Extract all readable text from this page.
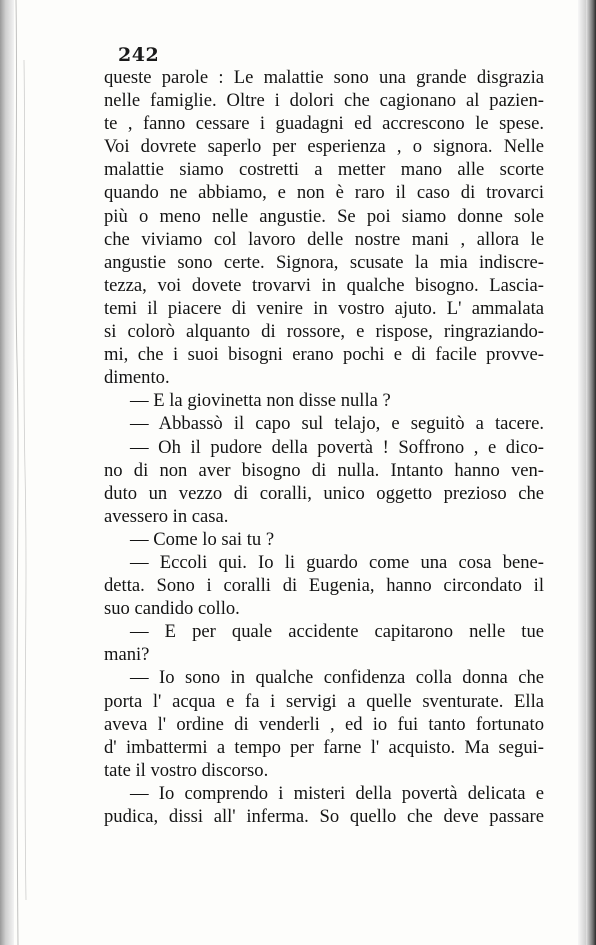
242
queste parole : Le malattie sono una grande disgrazia
nelle famiglie. Oltre i dolori che cagionano al pazien-
te , fanno cessare i guadagni ed accrescono le spese.
Voi dovrete saperlo per esperienza , o signora. Nelle
malattie siamo costretti a metter mano alle scorte
quando ne abbiamo, e non è raro il caso di trovarci
più o meno nelle angustie. Se poi siamo donne sole
che viviamo col lavoro delle nostre mani , allora le
angustie sono certe. Signora, scusate la mia indiscre-
tezza, voi dovete trovarvi in qualche bisogno. Lascia-
temi il piacere di venire in vostro ajuto. L' ammalata
si colorò alquanto di rossore, e rispose, ringraziando-
mi, che i suoi bisogni erano pochi e di facile provve-
dimento.
— E la giovinetta non disse nulla ?
— Abbassò il capo sul telajo, e seguitò a tacere.
— Oh il pudore della povertà ! Soffrono , e dico-
no di non aver bisogno di nulla. Intanto hanno ven-
duto un vezzo di coralli, unico oggetto prezioso che
avessero in casa.
— Come lo sai tu ?
— Eccoli qui. Io li guardo come una cosa bene-
detta. Sono i coralli di Eugenia, hanno circondato il
suo candido collo.
— E per quale accidente capitarono nelle tue
mani?
— Io sono in qualche confidenza colla donna che
porta l' acqua e fa i servigi a quelle sventurate. Ella
aveva l' ordine di venderli , ed io fui tanto fortunato
d' imbattermi a tempo per farne l' acquisto. Ma segui-
tate il vostro discorso.
— Io comprendo i misteri della povertà delicata e
pudica, dissi all' inferma. So quello che deve passare
